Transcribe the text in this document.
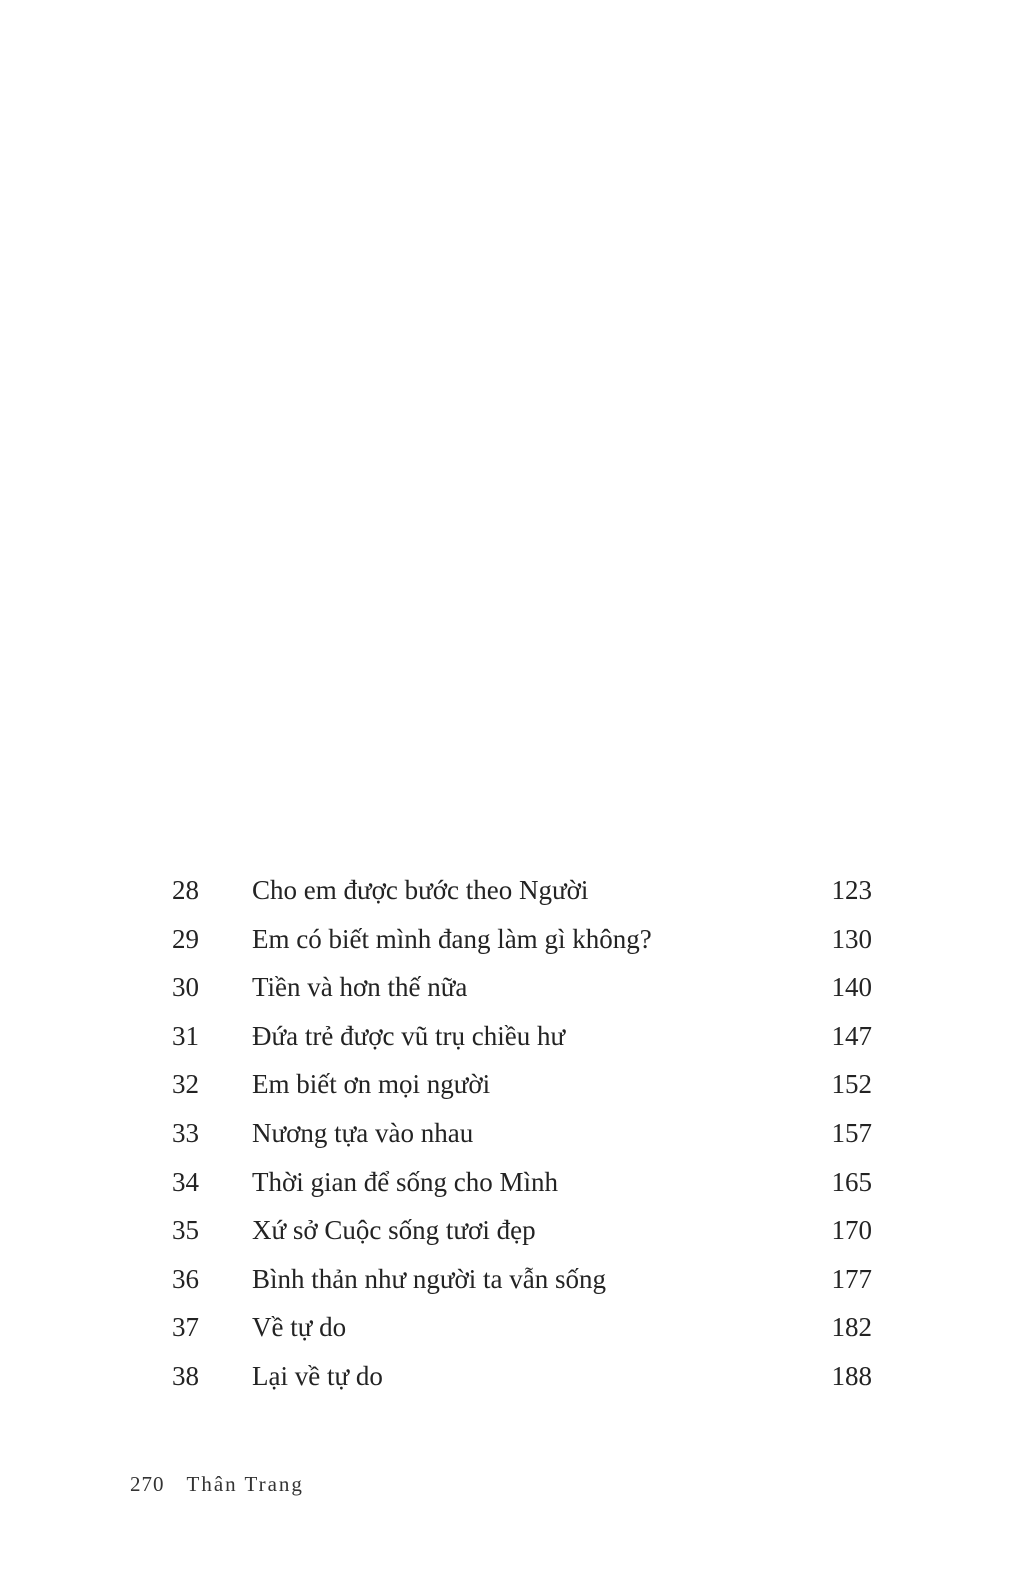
28	Cho em được bước theo Người	123
29	Em có biết mình đang làm gì không?	130
30	Tiền và hơn thế nữa	140
31	Đứa trẻ được vũ trụ chiều hư	147
32	Em biết ơn mọi người	152
33	Nương tựa vào nhau	157
34	Thời gian để sống cho Mình	165
35	Xứ sở Cuộc sống tươi đẹp	170
36	Bình thản như người ta vẫn sống	177
37	Về tự do	182
38	Lại về tự do	188
270 Thân Trang
